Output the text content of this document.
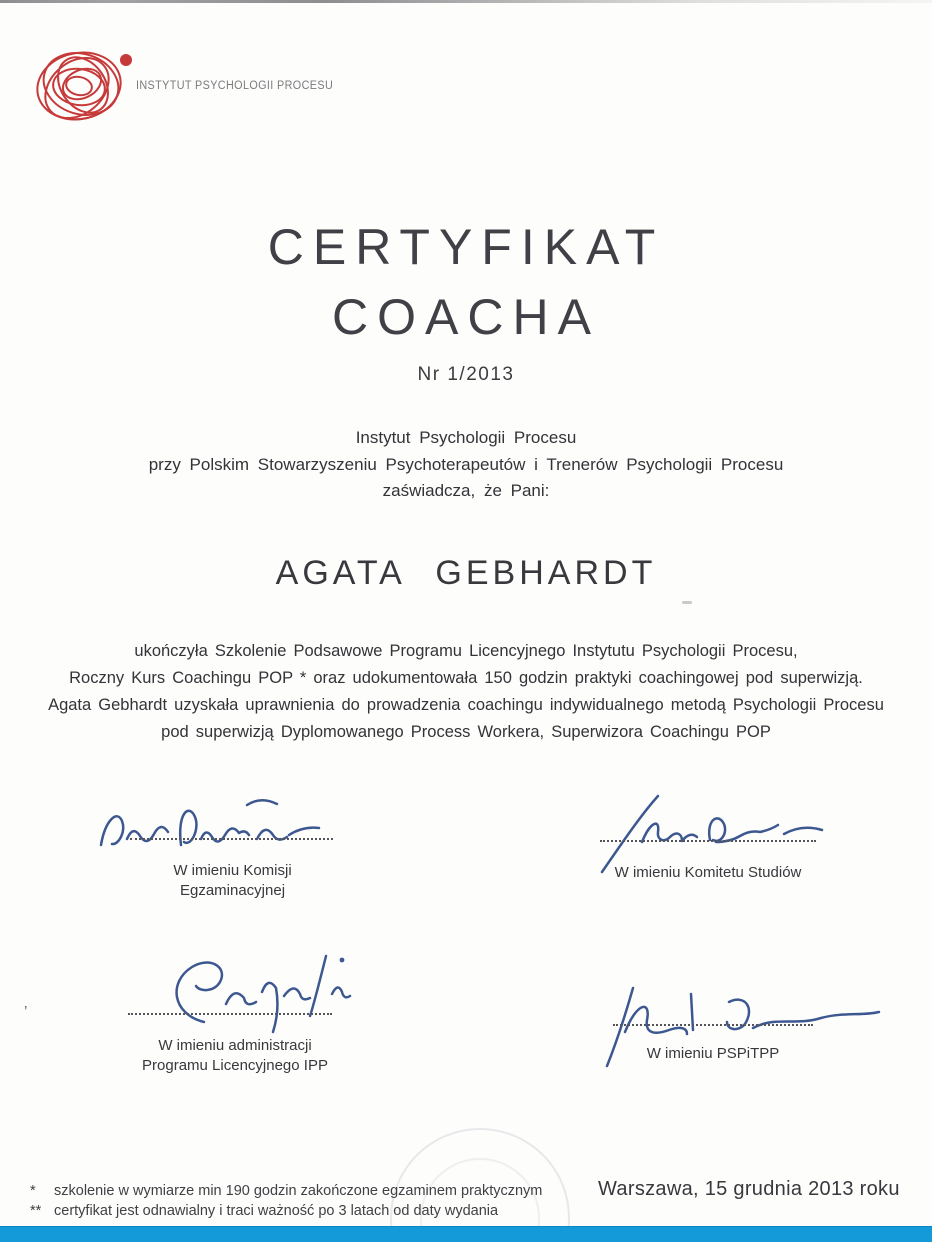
INSTYTUT PSYCHOLOGII PROCESU
CERTYFIKAT
COACHA
Nr 1/2013
Instytut Psychologii Procesu
przy Polskim Stowarzyszeniu Psychoterapeutów i Trenerów Psychologii Procesu
zaświadcza, że Pani:
AGATA GEBHARDT
ukończyła Szkolenie Podsawowe Programu Licencyjnego Instytutu Psychologii Procesu,
Roczny Kurs Coachingu POP * oraz udokumentowała 150 godzin praktyki coachingowej pod superwizją.
Agata Gebhardt uzyskała uprawnienia do prowadzenia coachingu indywidualnego metodą Psychologii Procesu
pod superwizją Dyplomowanego Process Workera, Superwizora Coachingu POP
W imieniu Komisji Egzaminacyjnej
W imieniu Komitetu Studiów
W imieniu administracji
Programu Licencyjnego IPP
’
W imieniu PSPiTPP
*	szkolenie w wymiarze min 190 godzin zakończone egzaminem praktycznym
** certyfikat jest odnawialny i traci ważność po 3 latach od daty wydania
Warszawa, 15 grudnia 2013 roku
